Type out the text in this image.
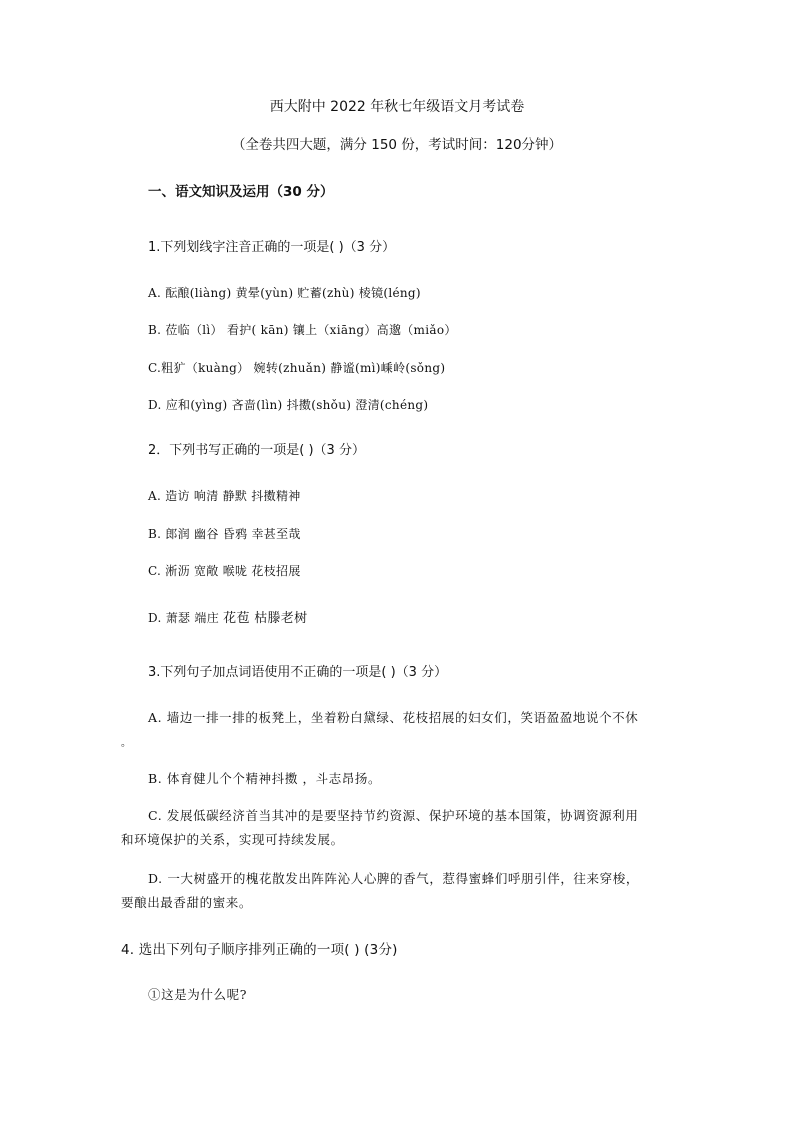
西大附中 2022 年秋七年级语文月考试卷
（全卷共四大题，满分 150 份，考试时间：120分钟）
一、语文知识及运用（30 分）
1.下列划线字注音正确的一项是( )（3 分）
A. 酝酿(liàng) 黄晕(yùn) 贮蓄(zhù) 棱镜(léng)
B. 莅临（lì） 看护( kān) 镶上（xiāng）高邈（miǎo）
C.粗犷（kuàng） 婉转(zhuǎn) 静谧(mì)嵊岭(sǒng)
D. 应和(yìng) 吝啬(lìn) 抖擞(shǒu) 澄清(chéng)
2．下列书写正确的一项是( )（3 分）
A. 造访 响清 静默 抖擞精神
B. 郎润 幽谷 昏鸦 幸甚至哉
C. 淅沥 宽敞 喉咙 花枝招展
D. 萧瑟 端庄 花苞 枯滕老树
3.下列句子加点词语使用不正确的一项是( )（3 分）
A. 墙边一排一排的板凳上，坐着粉白黛绿、花枝招展的妇女们，笑语盈盈地说个不休
。
B. 体育健儿个个精神抖擞 ，斗志昂扬。
C. 发展低碳经济首当其冲的是要坚持节约资源、保护环境的基本国策，协调资源利用
和环境保护的关系，实现可持续发展。
D. 一大树盛开的槐花散发出阵阵沁人心脾的香气，惹得蜜蜂们呼朋引伴，往来穿梭，
要酿出最香甜的蜜来。
4. 选出下列句子顺序排列正确的一项( ) (3分)
①这是为什么呢?
